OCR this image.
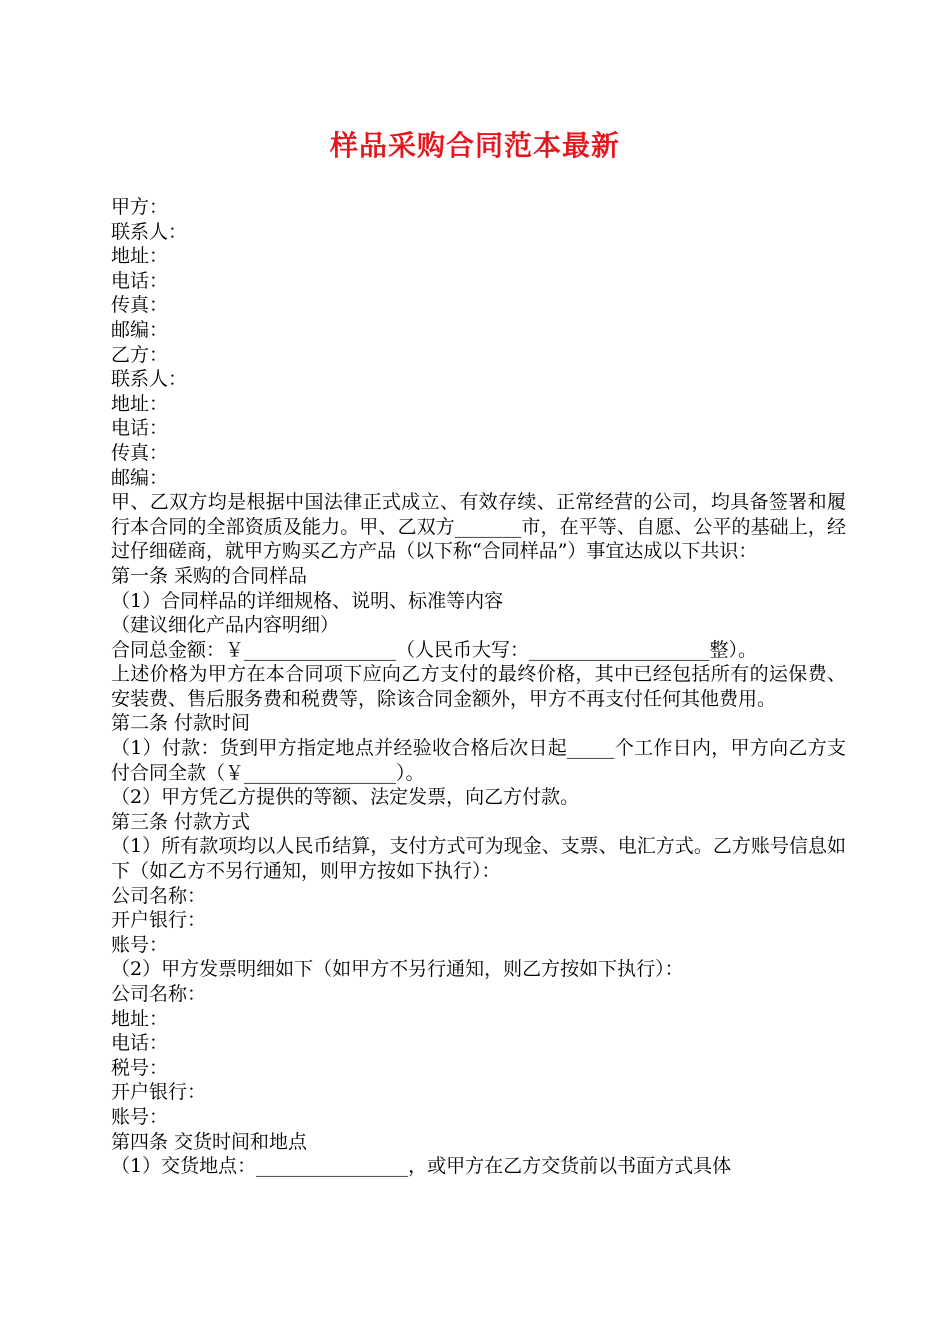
样品采购合同范本最新
甲方：
联系人：
地址：
电话：
传真：
邮编：
乙方：
联系人：
地址：
电话：
传真：
邮编：
甲、乙双方均是根据中国法律正式成立、有效存续、正常经营的公司，均具备签署和履行本合同的全部资质及能力。甲、乙双方_______市，在平等、自愿、公平的基础上，经过仔细磋商，就甲方购买乙方产品（以下称“合同样品”）事宜达成以下共识：
第一条 采购的合同样品
（1）合同样品的详细规格、说明、标准等内容
（建议细化产品内容明细）
合同总金额：￥________________（人民币大写：___________________整）。
上述价格为甲方在本合同项下应向乙方支付的最终价格，其中已经包括所有的运保费、安装费、售后服务费和税费等，除该合同金额外，甲方不再支付任何其他费用。
第二条 付款时间
（1）付款：货到甲方指定地点并经验收合格后次日起_____个工作日内，甲方向乙方支付合同全款（￥________________）。
（2）甲方凭乙方提供的等额、法定发票，向乙方付款。
第三条 付款方式
（1）所有款项均以人民币结算，支付方式可为现金、支票、电汇方式。乙方账号信息如下（如乙方不另行通知，则甲方按如下执行）：
公司名称：
开户银行：
账号：
（2）甲方发票明细如下（如甲方不另行通知，则乙方按如下执行）：
公司名称：
地址：
电话：
税号：
开户银行：
账号：
第四条 交货时间和地点
（1）交货地点：________________，或甲方在乙方交货前以书面方式具体
